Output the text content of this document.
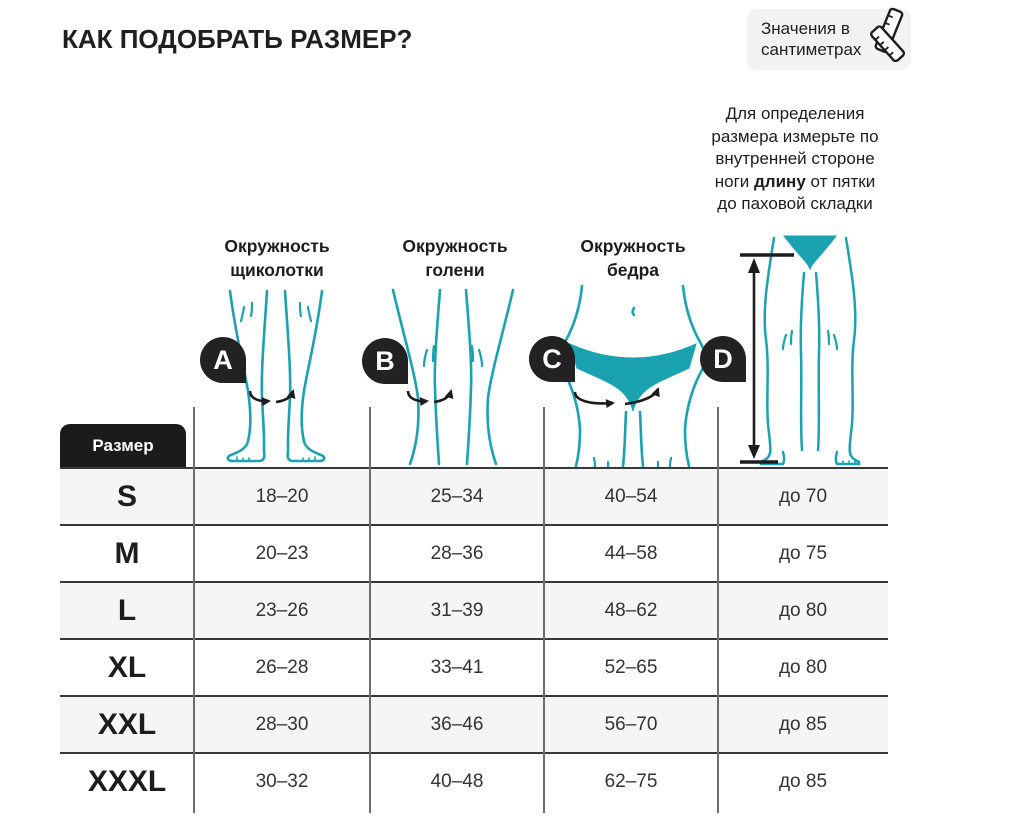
КАК ПОДОБРАТЬ РАЗМЕР?	Значения в
сантиметрах
Для определения
размера измерьте по
внутренней стороне
ноги длину от пятки
до паховой складки
Окружность
щиколотки
Окружность
голени
Окружность
бедра
A	B	C	D
Размер
S	18–20	25–34	40–54	до 70
M	20–23	28–36	44–58	до 75
L	23–26	31–39	48–62	до 80
XL	26–28	33–41	52–65	до 80
XXL	28–30	36–46	56–70	до 85
XXXL	30–32	40–48	62–75	до 85
